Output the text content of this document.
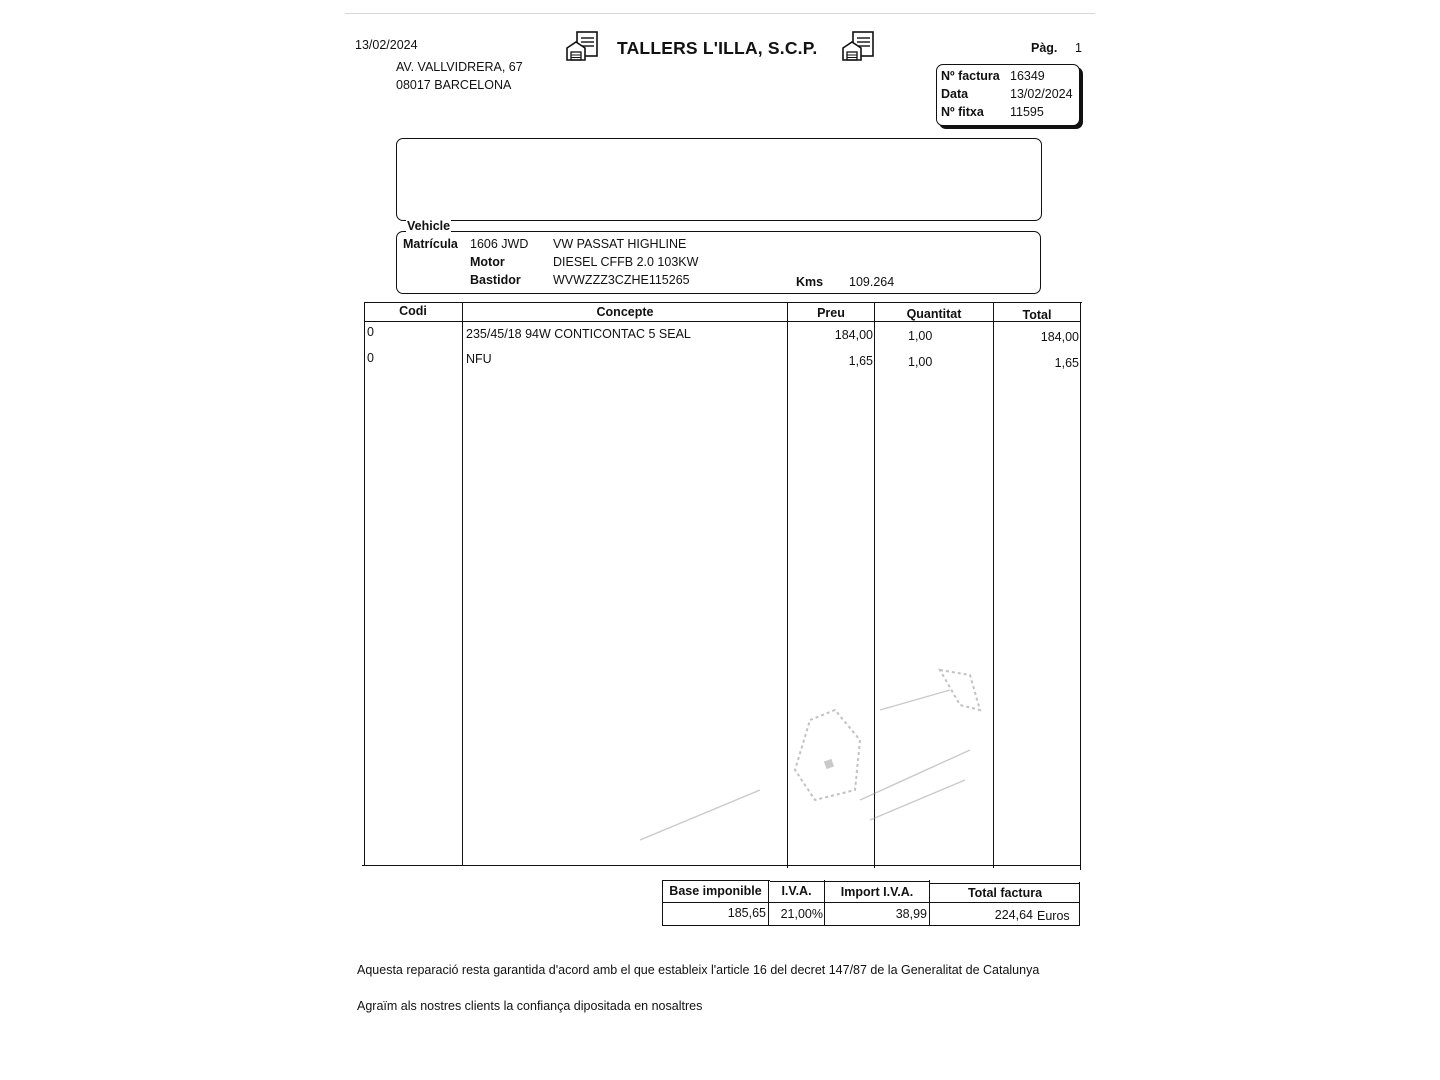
13/02/2024	TALLERS L'ILLA, S.C.P.	Pàg. 1
AV. VALLVIDRERA, 67
08017 BARCELONA
Nº factura 16349
Data	13/02/2024
Nº fitxa 11595
Vehicle
Matrícula 1606 JWD VW PASSAT HIGHLINE
Motor	DIESEL CFFB 2.0 103KW
Bastidor	WVWZZZ3CZHE115265	Kms 109.264
Codi	Concepte	Preu	Quantitat	Total
0	235/45/18 94W CONTICONTAC 5 SEAL	184,00	1,00	184,00
0	NFU	1,65	1,00	1,65
Base imponible	I.V.A.	Import I.V.A.	Total factura
185,65	21,00%	38,99	224,64 Euros
Aquesta reparació resta garantida d'acord amb el que estableix l'article 16 del decret 147/87 de la Generalitat de Catalunya
Agraïm als nostres clients la confiança dipositada en nosaltres
